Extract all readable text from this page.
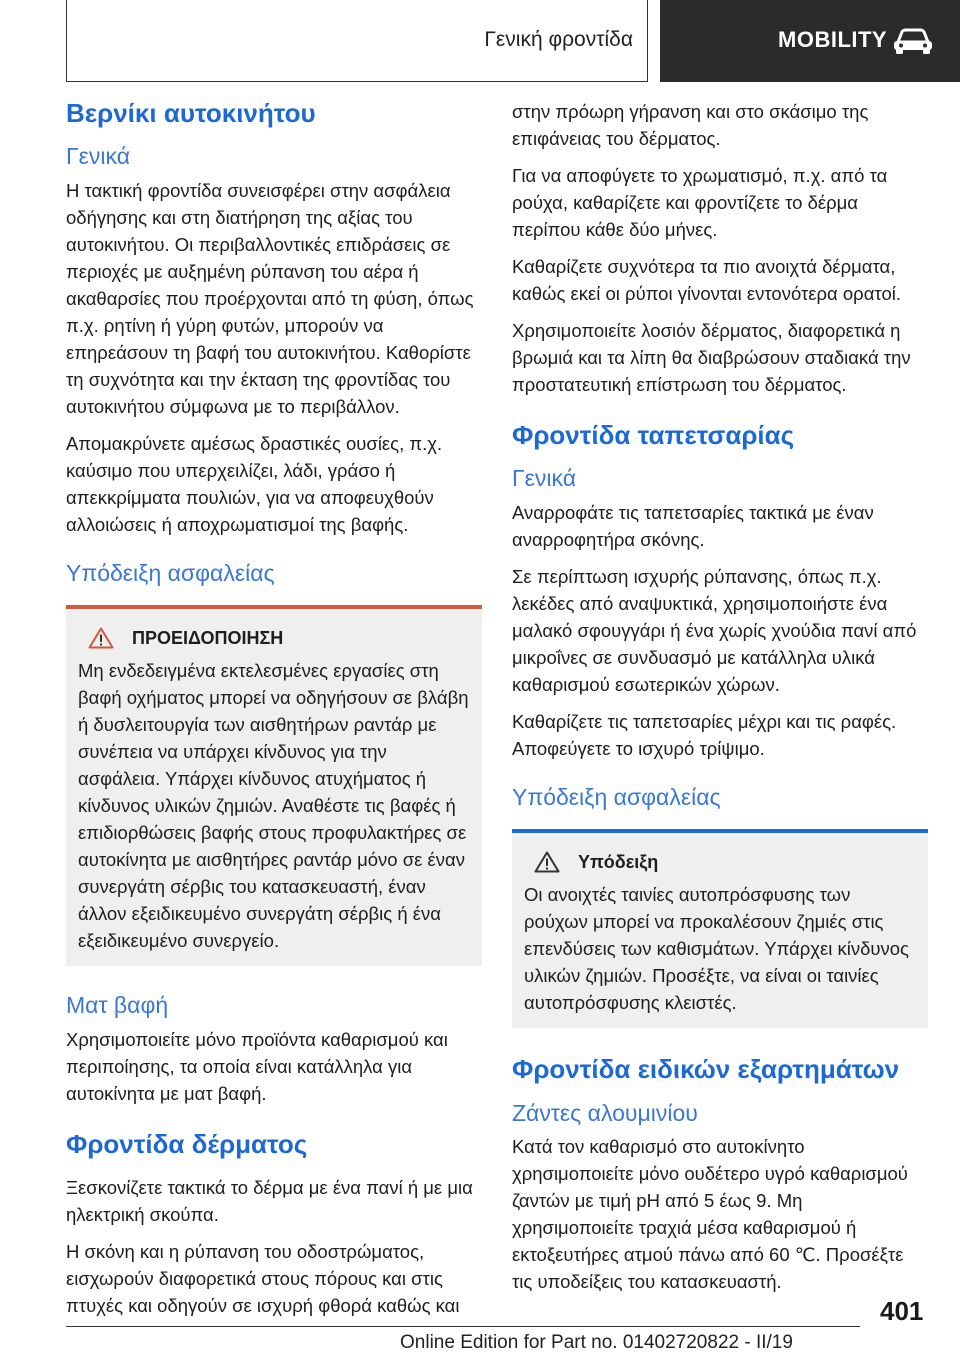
Γενική φροντίδα	MOBILITY
Βερνίκι αυτοκινήτου
Γενικά

Η τακτική φροντίδα συνεισφέρει στην ασφάλεια οδήγησης και στη διατήρηση της αξίας του αυτοκινήτου. Οι περιβαλλοντικές επιδράσεις σε περιοχές με αυξημένη ρύπανση του αέρα ή ακαθαρσίες που προέρχονται από τη φύση, όπως π.χ. ρητίνη ή γύρη φυτών, μπορούν να επηρεάσουν τη βαφή του αυτοκινήτου. Καθορίστε τη συχνότητα και την έκταση της φροντίδας του αυτοκινήτου σύμφωνα με το περιβάλλον.

Απομακρύνετε αμέσως δραστικές ουσίες, π.χ. καύσιμο που υπερχειλίζει, λάδι, γράσο ή απεκκρίμματα πουλιών, για να αποφευχθούν αλλοιώσεις ή αποχρωματισμοί της βαφής.

Υπόδειξη ασφαλείας
ΠΡΟΕΙΔΟΠΟΙΗΣΗ

Μη ενδεδειγμένα εκτελεσμένες εργασίες στη βαφή οχήματος μπορεί να οδηγήσουν σε βλάβη ή δυσλειτουργία των αισθητήρων ραντάρ με συνέπεια να υπάρχει κίνδυνος για την ασφάλεια. Υπάρχει κίνδυνος ατυχήματος ή κίνδυνος υλικών ζημιών. Αναθέστε τις βαφές ή επιδιορθώσεις βαφής στους προφυλακτήρες σε αυτοκίνητα με αισθητήρες ραντάρ μόνο σε έναν συνεργάτη σέρβις του κατασκευαστή, έναν άλλον εξειδικευμένο συνεργάτη σέρβις ή ένα εξειδικευμένο συνεργείο.

Ματ βαφή

Χρησιμοποιείτε μόνο προϊόντα καθαρισμού και περιποίησης, τα οποία είναι κατάλληλα για αυτοκίνητα με ματ βαφή.

Φροντίδα δέρματος

Ξεσκονίζετε τακτικά το δέρμα με ένα πανί ή με μια ηλεκτρική σκούπα.

Η σκόνη και η ρύπανση του οδοστρώματος, εισχωρούν διαφορετικά στους πόρους και στις πτυχές και οδηγούν σε ισχυρή φθορά καθώς και

στην πρόωρη γήρανση και στο σκάσιμο της επιφάνειας του δέρματος.

Για να αποφύγετε το χρωματισμό, π.χ. από τα ρούχα, καθαρίζετε και φροντίζετε το δέρμα περίπου κάθε δύο μήνες.

Καθαρίζετε συχνότερα τα πιο ανοιχτά δέρματα, καθώς εκεί οι ρύποι γίνονται εντονότερα ορατοί.

Χρησιμοποιείτε λοσιόν δέρματος, διαφορετικά η βρωμιά και τα λίπη θα διαβρώσουν σταδιακά την προστατευτική επίστρωση του δέρματος.

Φροντίδα ταπετσαρίας
Γενικά

Αναρροφάτε τις ταπετσαρίες τακτικά με έναν αναρροφητήρα σκόνης.

Σε περίπτωση ισχυρής ρύπανσης, όπως π.χ. λεκέδες από αναψυκτικά, χρησιμοποιήστε ένα μαλακό σφουγγάρι ή ένα χωρίς χνούδια πανί από μικροΐνες σε συνδυασμό με κατάλληλα υλικά καθαρισμού εσωτερικών χώρων.

Καθαρίζετε τις ταπετσαρίες μέχρι και τις ραφές. Αποφεύγετε το ισχυρό τρίψιμο.

Υπόδειξη ασφαλείας
Υπόδειξη

Οι ανοιχτές ταινίες αυτοπρόσφυσης των ρούχων μπορεί να προκαλέσουν ζημιές στις επενδύσεις των καθισμάτων. Υπάρχει κίνδυνος υλικών ζημιών. Προσέξτε, να είναι οι ταινίες αυτοπρόσφυσης κλειστές.

Φροντίδα ειδικών εξαρτημάτων
Ζάντες αλουμινίου

Κατά τον καθαρισμό στο αυτοκίνητο χρησιμοποιείτε μόνο ουδέτερο υγρό καθαρισμού ζαντών με τιμή pH από 5 έως 9. Μη χρησιμοποιείτε τραχιά μέσα καθαρισμού ή εκτοξευτήρες ατμού πάνω από 60 ℃. Προσέξτε τις υποδείξεις του κατασκευαστή.

401
Online Edition for Part no. 01402720822 - II/19
